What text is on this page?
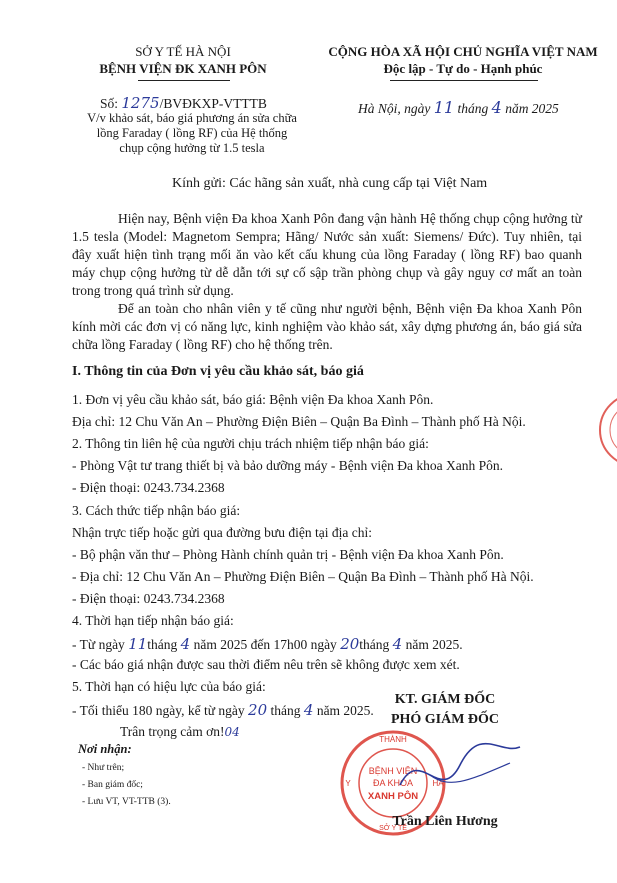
SỞ Y TẾ HÀ NỘI
BỆNH VIỆN ĐK XANH PÔN
Số: 1275/BVĐKXP-VTTTB
V/v khảo sát, báo giá phương án sửa chữa
lồng Faraday ( lồng RF) của Hệ thống
chụp cộng hưởng từ 1.5 tesla
CỘNG HÒA XÃ HỘI CHỦ NGHĨA VIỆT NAM
Độc lập - Tự do - Hạnh phúc
Hà Nội, ngày 11 tháng 4 năm 2025
Kính gửi: Các hãng sản xuất, nhà cung cấp tại Việt Nam
Hiện nay, Bệnh viện Đa khoa Xanh Pôn đang vận hành Hệ thống chụp cộng hưởng từ 1.5 tesla (Model: Magnetom Sempra; Hãng/ Nước sản xuất: Siemens/ Đức). Tuy nhiên, tại đây xuất hiện tình trạng mối ăn vào kết cấu khung của lồng Faraday ( lồng RF) bao quanh máy chụp cộng hưởng từ dễ dẫn tới sự cố sập trần phòng chụp và gây nguy cơ mất an toàn trong trong quá trình sử dụng.
Để an toàn cho nhân viên y tế cũng như người bệnh, Bệnh viện Đa khoa Xanh Pôn kính mời các đơn vị có năng lực, kinh nghiệm vào khảo sát, xây dựng phương án, báo giá sửa chữa lồng Faraday ( lồng RF) cho hệ thống trên.
I. Thông tin của Đơn vị yêu cầu khảo sát, báo giá
1. Đơn vị yêu cầu khảo sát, báo giá: Bệnh viện Đa khoa Xanh Pôn.
Địa chỉ: 12 Chu Văn An – Phường Điện Biên – Quận Ba Đình – Thành phố Hà Nội.
2. Thông tin liên hệ của người chịu trách nhiệm tiếp nhận báo giá:
- Phòng Vật tư trang thiết bị và bảo dưỡng máy - Bệnh viện Đa khoa Xanh Pôn.
- Điện thoại: 0243.734.2368
3. Cách thức tiếp nhận báo giá:
Nhận trực tiếp hoặc gửi qua đường bưu điện tại địa chỉ:
- Bộ phận văn thư – Phòng Hành chính quản trị - Bệnh viện Đa khoa Xanh Pôn.
- Địa chỉ: 12 Chu Văn An – Phường Điện Biên – Quận Ba Đình – Thành phố Hà Nội.
- Điện thoại: 0243.734.2368
4. Thời hạn tiếp nhận báo giá:
- Từ ngày 11tháng 4 năm 2025 đến 17h00 ngày 20tháng 4 năm 2025.
- Các báo giá nhận được sau thời điểm nêu trên sẽ không được xem xét.
5. Thời hạn có hiệu lực của báo giá:
- Tối thiểu 180 ngày, kể từ ngày 20 tháng 4 năm 2025.
Trân trọng cảm ơn!04
Nơi nhận:
- Như trên;
- Ban giám đốc;
- Lưu VT, VT-TTB (3).
KT. GIÁM ĐỐC
PHÓ GIÁM ĐỐC
THÀNH
Y	HÀ
SỞ Y TẾ
BỆNH VIỆN
ĐA KHOA
XANH PÔN
Trần Liên Hương
